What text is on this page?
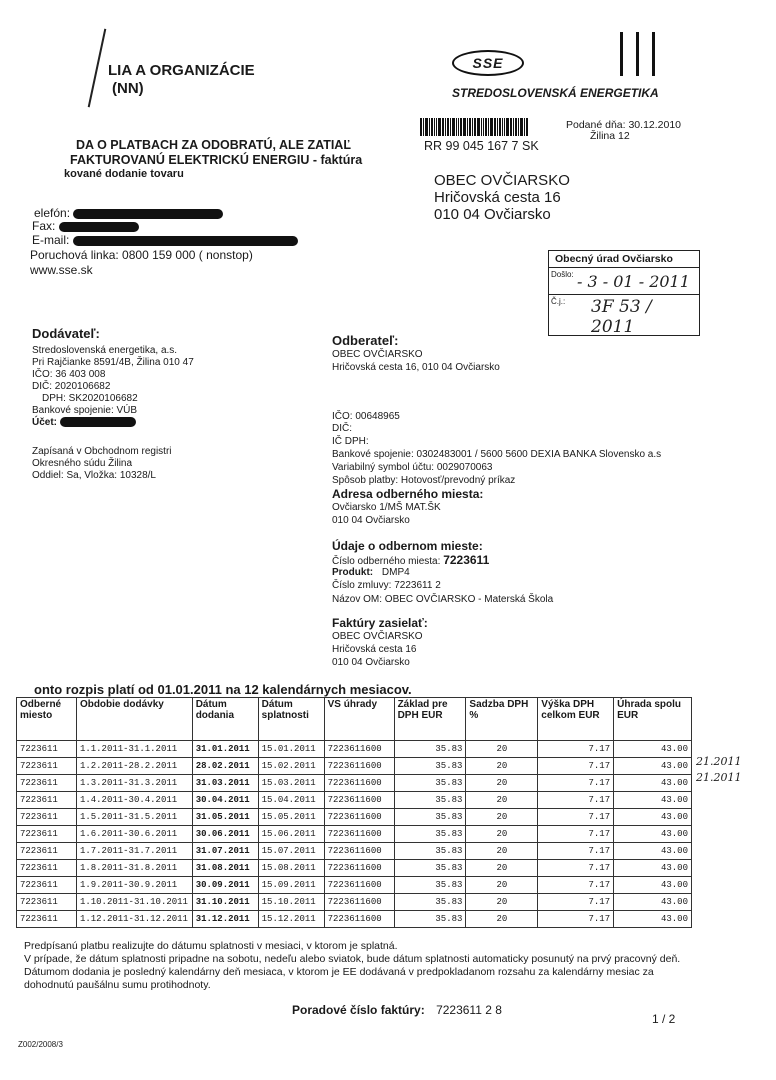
LIA A ORGANIZÁCIE
(NN)
DA O PLATBACH ZA ODOBRATÚ, ALE ZATIAĽ
FAKTUROVANÚ ELEKTRICKÚ ENERGIU - faktúra
kované dodanie tovaru
SSE
STREDOSLOVENSKÁ ENERGETIKA
RR 99 045 167 7 SK
Podané dňa: 30.12.2010
Žilina 12
OBEC OVČIARSKO
Hričovská cesta 16
010 04 Ovčiarsko
elefón:
Fax:
E-mail:
Poruchová linka: 0800 159 000 ( nonstop)
www.sse.sk
Obecný úrad Ovčiarsko
Došlo: - 3 - 01 - 2011
Č.j.: 3F 53 / 2011
Dodávateľ:
Stredoslovenská energetika, a.s.
Pri Rajčianke 8591/4B, Žilina 010 47
IČO: 36 403 008
DIČ: 2020106682
DPH: SK2020106682
Bankové spojenie: VÚB
Účet:
Zapísaná v Obchodnom registri
Okresného súdu Žilina
Oddiel: Sa, Vložka: 10328/L
Odberateľ:
OBEC OVČIARSKO
Hričovská cesta 16, 010 04 Ovčiarsko
IČO: 00648965
DIČ:
IČ DPH:
Bankové spojenie: 0302483001 / 5600 5600 DEXIA BANKA Slovensko a.s
Variabilný symbol účtu: 0029070063
Spôsob platby: Hotovosť/prevodný príkaz
Adresa odberného miesta:
Ovčiarsko 1/MŠ MAT.ŠK
010 04 Ovčiarsko
Údaje o odbernom mieste:
Číslo odberného miesta: 7223611
Produkt: DMP4
Číslo zmluvy: 7223611 2
Názov OM: OBEC OVČIARSKO - Materská Škola
Faktúry zasielať:
OBEC OVČIARSKO
Hričovská cesta 16
010 04 Ovčiarsko
onto rozpis platí od 01.01.2011 na 12 kalendárnych mesiacov.
Odberné miesto	Obdobie dodávky	Dátum dodania	Dátum splatnosti	VS úhrady	Základ pre DPH EUR	Sadzba DPH %	Výška DPH celkom EUR	Úhrada spolu EUR
7223611	1.1.2011-31.1.2011	31.01.2011	15.01.2011	7223611600	35.83	20	7.17	43.00
7223611	1.2.2011-28.2.2011	28.02.2011	15.02.2011	7223611600	35.83	20	7.17	43.00
7223611	1.3.2011-31.3.2011	31.03.2011	15.03.2011	7223611600	35.83	20	7.17	43.00
7223611	1.4.2011-30.4.2011	30.04.2011	15.04.2011	7223611600	35.83	20	7.17	43.00
7223611	1.5.2011-31.5.2011	31.05.2011	15.05.2011	7223611600	35.83	20	7.17	43.00
7223611	1.6.2011-30.6.2011	30.06.2011	15.06.2011	7223611600	35.83	20	7.17	43.00
7223611	1.7.2011-31.7.2011	31.07.2011	15.07.2011	7223611600	35.83	20	7.17	43.00
7223611	1.8.2011-31.8.2011	31.08.2011	15.08.2011	7223611600	35.83	20	7.17	43.00
7223611	1.9.2011-30.9.2011	30.09.2011	15.09.2011	7223611600	35.83	20	7.17	43.00
7223611	1.10.2011-31.10.2011	31.10.2011	15.10.2011	7223611600	35.83	20	7.17	43.00
7223611	1.12.2011-31.12.2011	31.12.2011	15.12.2011	7223611600	35.83	20	7.17	43.00
21.2011
21.2011
Predpísanú platbu realizujte do dátumu splatnosti v mesiaci, v ktorom je splatná.
V prípade, že dátum splatnosti pripadne na sobotu, nedeľu alebo sviatok, bude dátum splatnosti automaticky posunutý na prvý pracovný deň.
Dátumom dodania je posledný kalendárny deň mesiaca, v ktorom je EE dodávaná v predpokladanom rozsahu za kalendárny mesiac za
dohodnutú paušálnu sumu protihodnoty.
Poradové číslo faktúry: 7223611 2 8
1 / 2
Z002/2008/3
